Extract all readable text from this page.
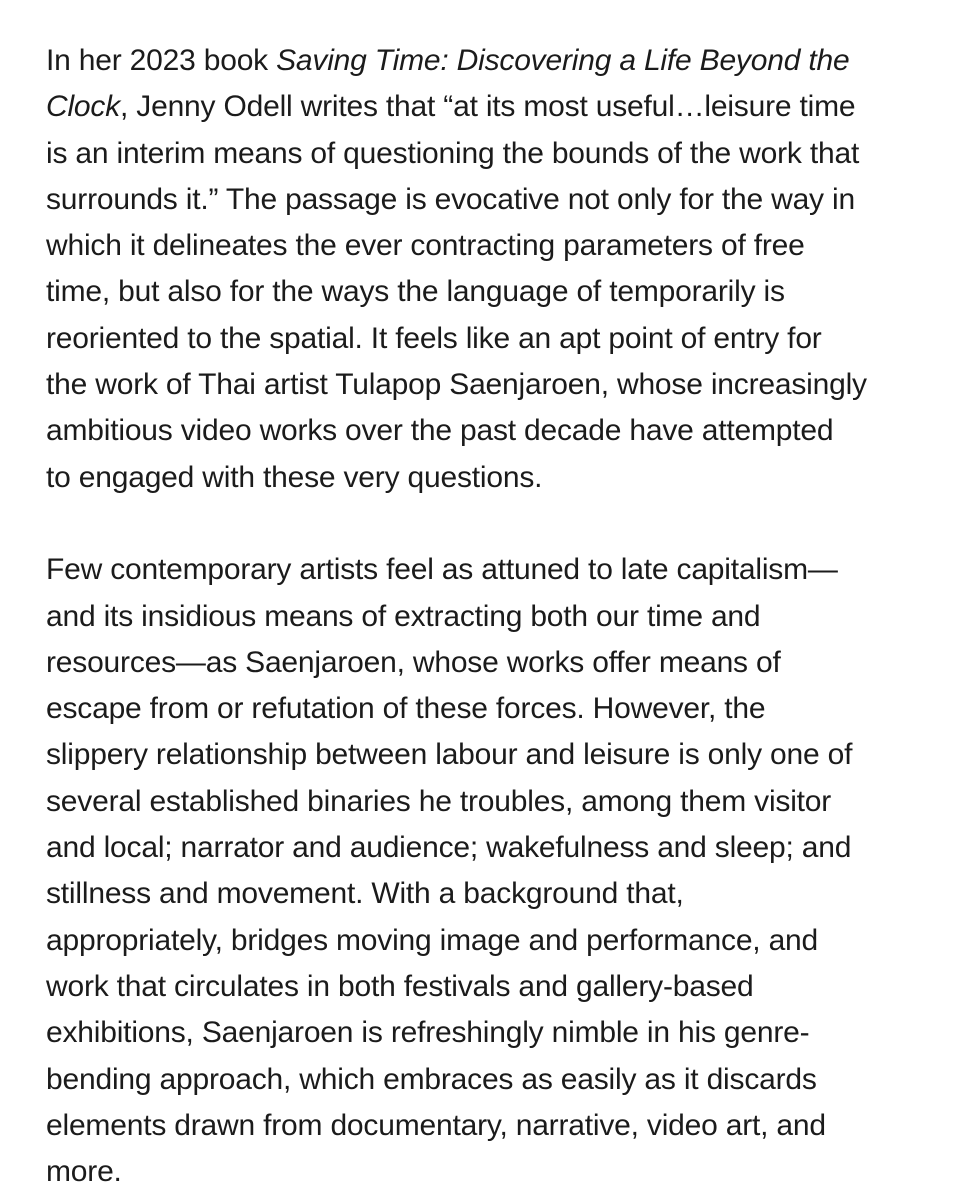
In her 2023 book Saving Time: Discovering a Life Beyond the
Clock, Jenny Odell writes that “at its most useful…leisure time
is an interim means of questioning the bounds of the work that
surrounds it.” The passage is evocative not only for the way in
which it delineates the ever contracting parameters of free
time, but also for the ways the language of temporarily is
reoriented to the spatial. It feels like an apt point of entry for
the work of Thai artist Tulapop Saenjaroen, whose increasingly
ambitious video works over the past decade have attempted
to engaged with these very questions.
Few contemporary artists feel as attuned to late capitalism—
and its insidious means of extracting both our time and
resources—as Saenjaroen, whose works offer means of
escape from or refutation of these forces. However, the
slippery relationship between labour and leisure is only one of
several established binaries he troubles, among them visitor
and local; narrator and audience; wakefulness and sleep; and
stillness and movement. With a background that,
appropriately, bridges moving image and performance, and
work that circulates in both festivals and gallery-based
exhibitions, Saenjaroen is refreshingly nimble in his genre-
bending approach, which embraces as easily as it discards
elements drawn from documentary, narrative, video art, and
more.
